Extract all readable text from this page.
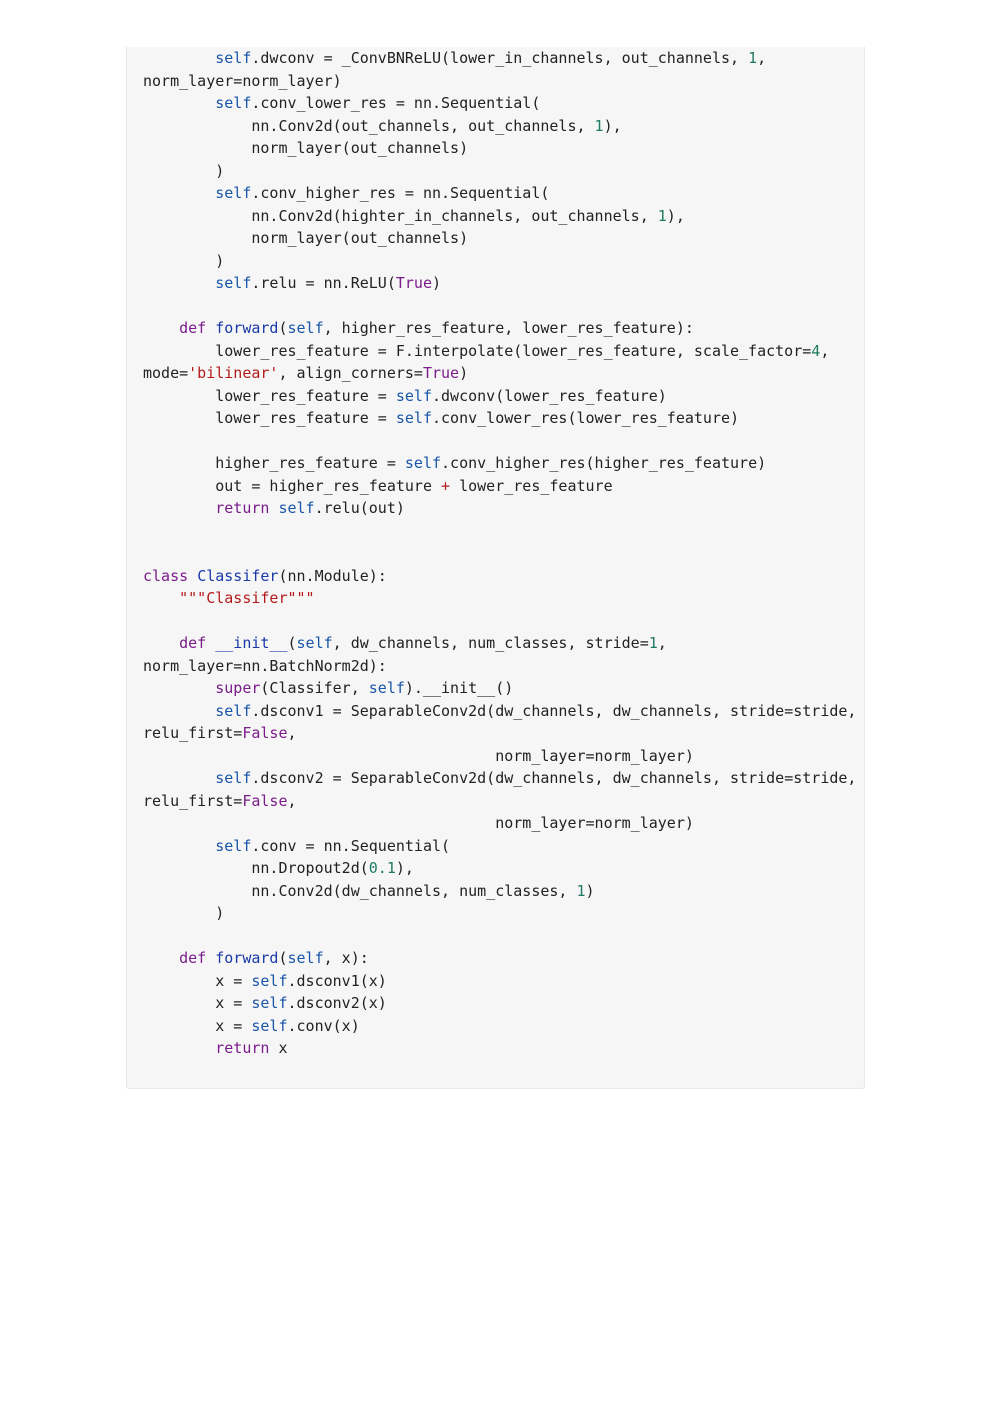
self.dwconv = _ConvBNReLU(lower_in_channels, out_channels, 1,
norm_layer=norm_layer)
self.conv_lower_res = nn.Sequential(
nn.Conv2d(out_channels, out_channels, 1),
norm_layer(out_channels)
)
self.conv_higher_res = nn.Sequential(
nn.Conv2d(highter_in_channels, out_channels, 1),
norm_layer(out_channels)
)
self.relu = nn.ReLU(True)
def forward(self, higher_res_feature, lower_res_feature):
lower_res_feature = F.interpolate(lower_res_feature, scale_factor=4,
mode='bilinear', align_corners=True)
lower_res_feature = self.dwconv(lower_res_feature)
lower_res_feature = self.conv_lower_res(lower_res_feature)
higher_res_feature = self.conv_higher_res(higher_res_feature)
out = higher_res_feature + lower_res_feature
return self.relu(out)
class Classifer(nn.Module):
"""Classifer"""
def __init__(self, dw_channels, num_classes, stride=1,
norm_layer=nn.BatchNorm2d):
super(Classifer, self).__init__()
self.dsconv1 = SeparableConv2d(dw_channels, dw_channels, stride=stride,
relu_first=False,
norm_layer=norm_layer)
self.dsconv2 = SeparableConv2d(dw_channels, dw_channels, stride=stride,
relu_first=False,
norm_layer=norm_layer)
self.conv = nn.Sequential(
nn.Dropout2d(0.1),
nn.Conv2d(dw_channels, num_classes, 1)
)
def forward(self, x):
x = self.dsconv1(x)
x = self.dsconv2(x)
x = self.conv(x)
return x
